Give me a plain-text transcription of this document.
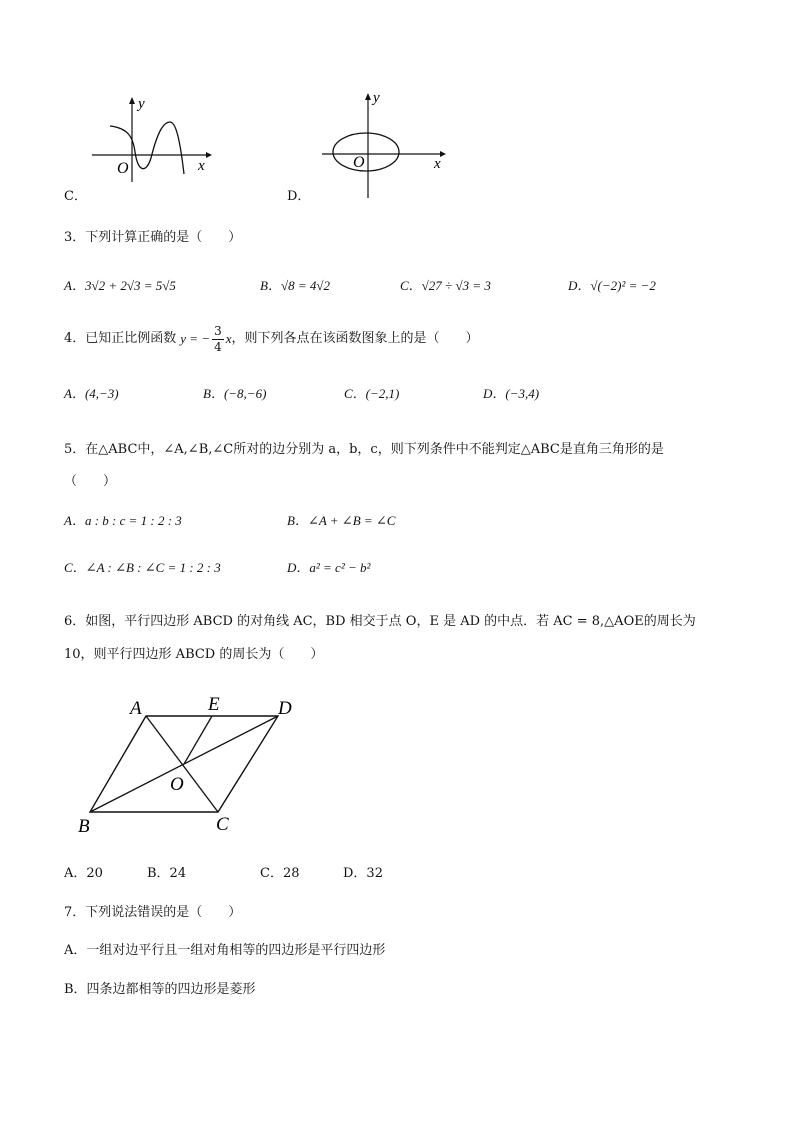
y
x
O
C．
y
x
O
D．
3．下列计算正确的是（　　）
A．3√2 + 2√3 = 5√5	B．√8 = 4√2	C．√27 ÷ √3 = 3	D．√(−2)² = −2
4．已知正比例函数 y = − $\frac{3}{4}$ x ，则下列各点在该函数图象上的是（　　）
A．(4,−3)	B．(−8,−6)	C．(−2,1)	D．(−3,4)
5．在△ABC中，∠A,∠B,∠C所对的边分别为 a，b，c，则下列条件中不能判定△ABC是直角三角形的是
（　　）
A．a : b : c = 1 : 2 : 3	B．∠A + ∠B = ∠C
C．∠A : ∠B : ∠C = 1 : 2 : 3	D．a² = c² − b²
6．如图，平行四边形 ABCD 的对角线 AC，BD 相交于点 O，E 是 AD 的中点．若 AC = 8,△AOE的周长为
10，则平行四边形 ABCD 的周长为（　　）
A	E	D
O
B	C
A．20	B．24	C．28	D．32
7．下列说法错误的是（　　）
A．一组对边平行且一组对角相等的四边形是平行四边形
B．四条边都相等的四边形是菱形
